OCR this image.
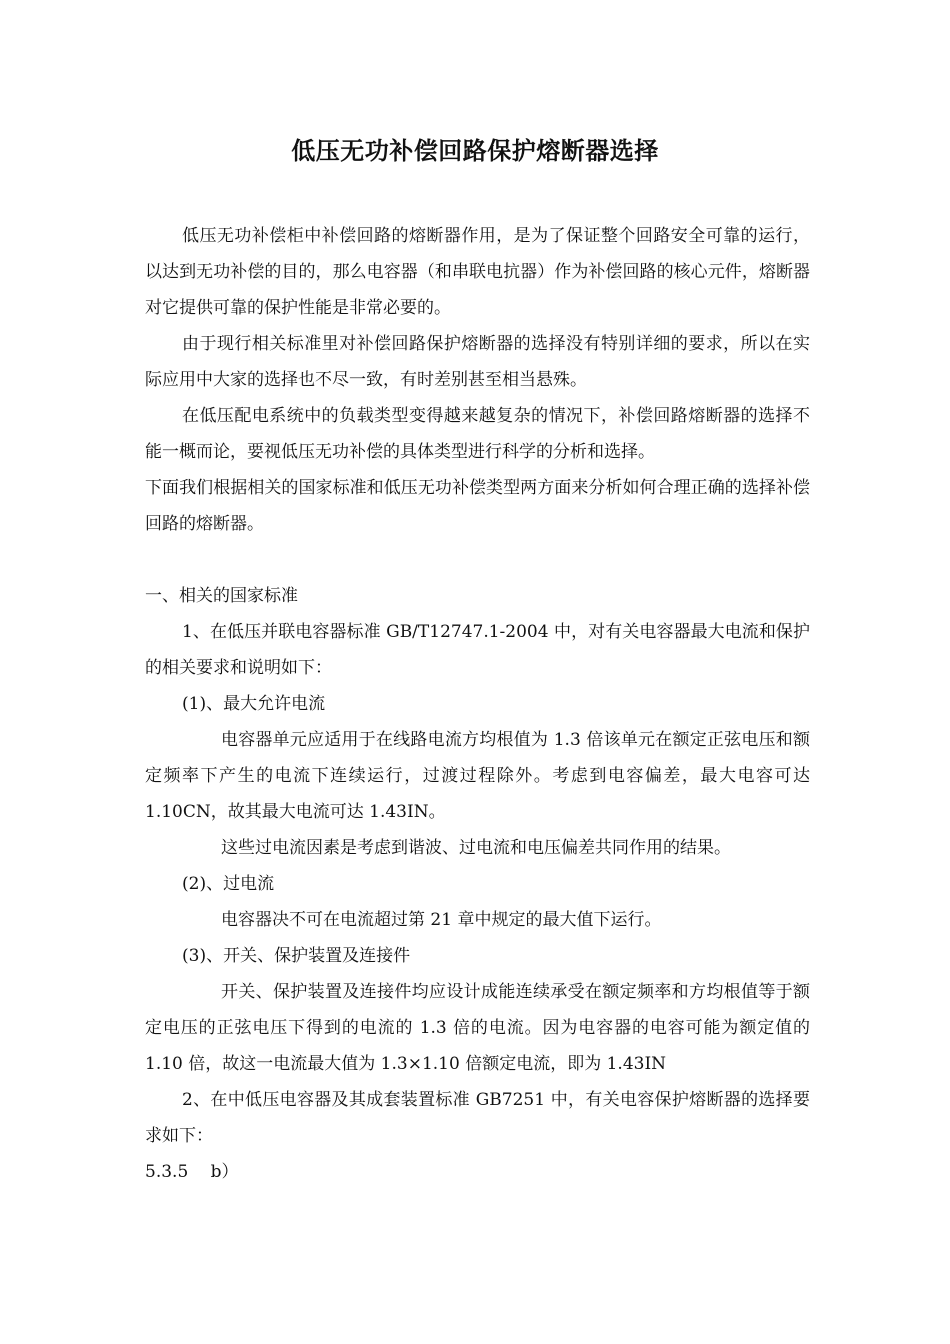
低压无功补偿回路保护熔断器选择

低压无功补偿柜中补偿回路的熔断器作用，是为了保证整个回路安全可靠的运行，以达到无功补偿的目的，那么电容器（和串联电抗器）作为补偿回路的核心元件，熔断器对它提供可靠的保护性能是非常必要的。

由于现行相关标准里对补偿回路保护熔断器的选择没有特别详细的要求，所以在实际应用中大家的选择也不尽一致，有时差别甚至相当悬殊。

在低压配电系统中的负载类型变得越来越复杂的情况下，补偿回路熔断器的选择不能一概而论，要视低压无功补偿的具体类型进行科学的分析和选择。

下面我们根据相关的国家标准和低压无功补偿类型两方面来分析如何合理正确的选择补偿回路的熔断器。

一、相关的国家标准

1、在低压并联电容器标准 GB/T12747.1-2004 中，对有关电容器最大电流和保护的相关要求和说明如下：

(1)、最大允许电流

电容器单元应适用于在线路电流方均根值为 1.3 倍该单元在额定正弦电压和额定频率下产生的电流下连续运行，过渡过程除外。考虑到电容偏差，最大电容可达 1.10CN，故其最大电流可达 1.43IN。

这些过电流因素是考虑到谐波、过电流和电压偏差共同作用的结果。

(2)、过电流

电容器决不可在电流超过第 21 章中规定的最大值下运行。

(3)、开关、保护装置及连接件

开关、保护装置及连接件均应设计成能连续承受在额定频率和方均根值等于额定电压的正弦电压下得到的电流的 1.3 倍的电流。因为电容器的电容可能为额定值的 1.10 倍，故这一电流最大值为 1.3×1.10 倍额定电流，即为 1.43IN

2、在中低压电容器及其成套装置标准 GB7251 中，有关电容保护熔断器的选择要求如下：

5.3.5　 b）
